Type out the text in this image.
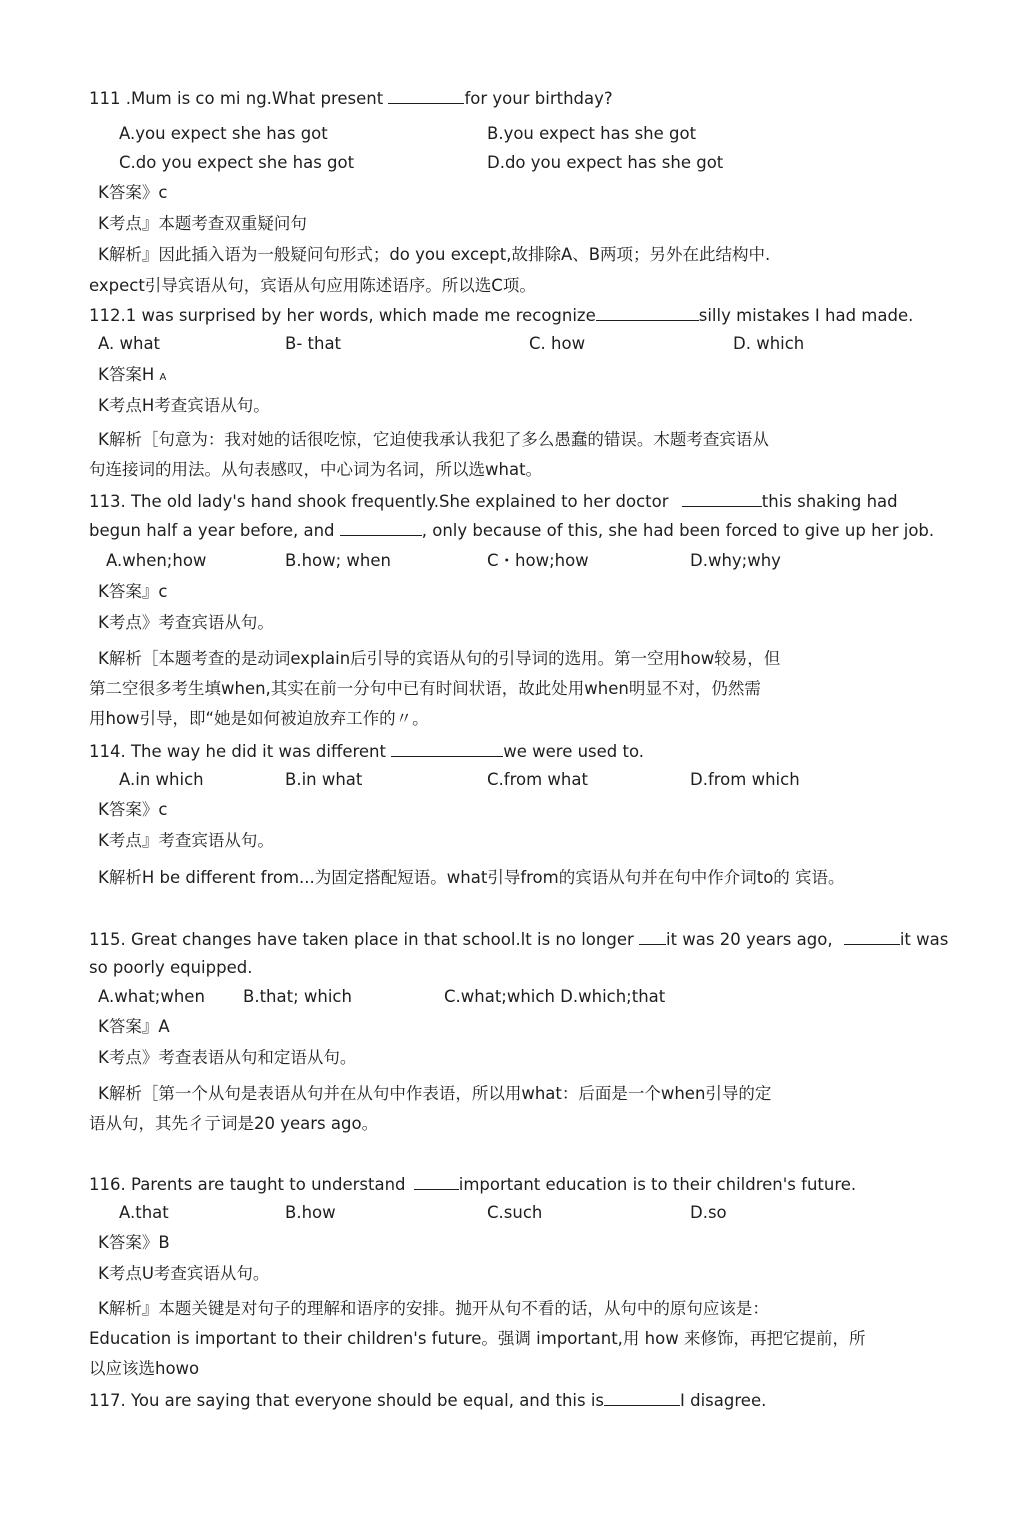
111 .Mum is co mi ng.What present	for your birthday?
A.you expect she has got	B.you expect has she got
C.do you expect she has got	D.do you expect has she got
K答案》c
K考点』本题考查双重疑问句
K解析』因此插入语为一般疑问句形式；do you except,故排除A、B两项；另外在此结构中.
expect引导宾语从句，宾语从句应用陈述语序。所以选C项。
112.1 was surprised by her words, which made me recognize	silly mistakes I had made.
A. what	B- that	C. how	D. which
K答案H A
K考点H考查宾语从句。
K解析［句意为：我对她的话很吃惊，它迫使我承认我犯了多么愚蠢的错误。木题考查宾语从
句连接词的用法。从句表感叹，中心词为名词，所以选what。
113. The old lady's hand shook frequently.She explained to her doctor	this shaking had
begun half a year before, and	, only because of this, she had been forced to give up her job.
A.when;how	B.how; when	C・how;how	D.why;why
K答案』c
K考点》考查宾语从句。
K解析［本题考查的是动词explain后引导的宾语从句的引导词的选用。第一空用how较易，但
第二空很多考生填when,其实在前一分句中已有时间状语，故此处用when明显不对，仍然需
用how引导，即“她是如何被迫放弃工作的〃。
114. The way he did it was different	we were used to.
A.in which	B.in what	C.from what	D.from which
K答案》c
K考点』考查宾语从句。
K解析H be different from...为固定搭配短语。what引导from的宾语从句并在句中作介词to的 宾语。
115. Great changes have taken place in that school.lt is no longer it was 20 years ago,	it was
so poorly equipped.
A.what;when B.that; which	C.what;which D.which;that
K答案』A
K考点》考查表语从句和定语从句。
K解析［第一个从句是表语从句并在从句中作表语，所以用what：后面是一个when引导的定
语从句，其先彳亍词是20 years ago。
116. Parents are taught to understand	important education is to their children's future.
A.that	B.how	C.such	D.so
K答案》B
K考点U考查宾语从句。
K解析』本题关键是对句子的理解和语序的安排。抛开从句不看的话，从句中的原句应该是：
Education is important to their children's future。强调 important,用 how 来修饰，再把它提前，所
以应该选howo
117. You are saying that everyone should be equal, and this is	I disagree.
